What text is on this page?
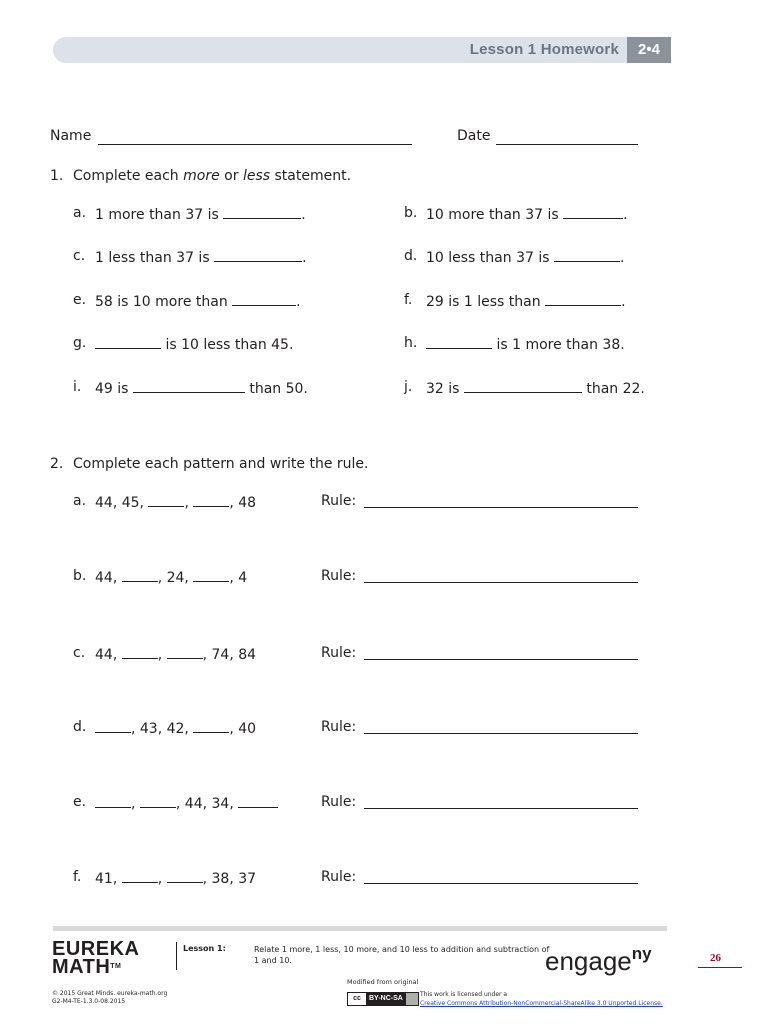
Lesson 1 Homework	2•4
Name	Date
1. Complete each more or less statement.
a. 1 more than 37 is	.	b. 10 more than 37 is	.
c. 1 less than 37 is	.	d. 10 less than 37 is	.
e. 58 is 10 more than	.	f. 29 is 1 less than	.
g.	is 10 less than 45.	h.	is 1 more than 38.
i. 49 is	than 50.	j. 32 is	than 22.
2. Complete each pattern and write the rule.
a. 44, 45,	,	, 48	Rule:
b. 44,	, 24,	, 4	Rule:
c. 44,	,	, 74, 84	Rule:
d.	, 43, 42,	, 40	Rule:
e.	,	, 44, 34,	Rule:
f. 41,	,	, 38, 37	Rule:
EUREKA
MATH™
Lesson 1:	Relate 1 more, 1 less, 10 more, and 10 less to addition and subtraction of 1 and 10.	engage$^{ny}$	26
© 2015 Great Minds. eureka-math.org
G2-M4-TE-1.3.0-08.2015
Modified from original
cc BY-NC-SA
This work is licensed under a
Creative Commons Attribution-NonCommercial-ShareAlike 3.0 Unported License.
